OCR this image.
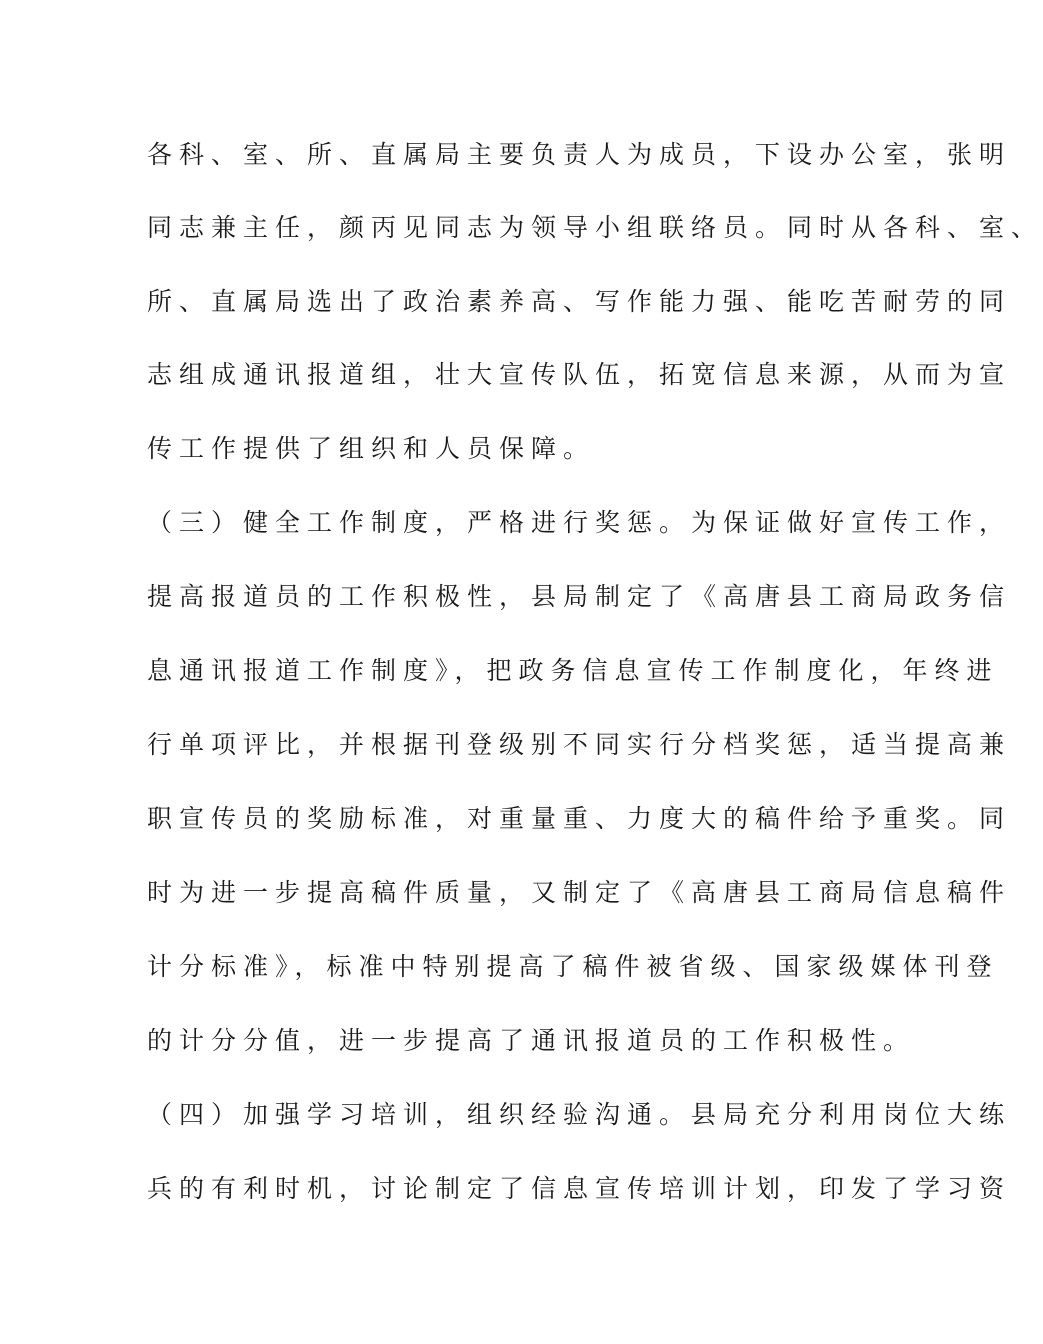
各科、室、所、直属局主要负责人为成员，下设办公室，张明
同志兼主任，颜丙见同志为领导小组联络员。同时从各科、室、
所、直属局选出了政治素养高、写作能力强、能吃苦耐劳的同
志组成通讯报道组，壮大宣传队伍，拓宽信息来源，从而为宣
传工作提供了组织和人员保障。
（三）健全工作制度，严格进行奖惩。为保证做好宣传工作，
提高报道员的工作积极性，县局制定了《高唐县工商局政务信
息通讯报道工作制度》，把政务信息宣传工作制度化，年终进
行单项评比，并根据刊登级别不同实行分档奖惩，适当提高兼
职宣传员的奖励标准，对重量重、力度大的稿件给予重奖。同
时为进一步提高稿件质量，又制定了《高唐县工商局信息稿件
计分标准》，标准中特别提高了稿件被省级、国家级媒体刊登
的计分分值，进一步提高了通讯报道员的工作积极性。
（四）加强学习培训，组织经验沟通。县局充分利用岗位大练
兵的有利时机，讨论制定了信息宣传培训计划，印发了学习资
